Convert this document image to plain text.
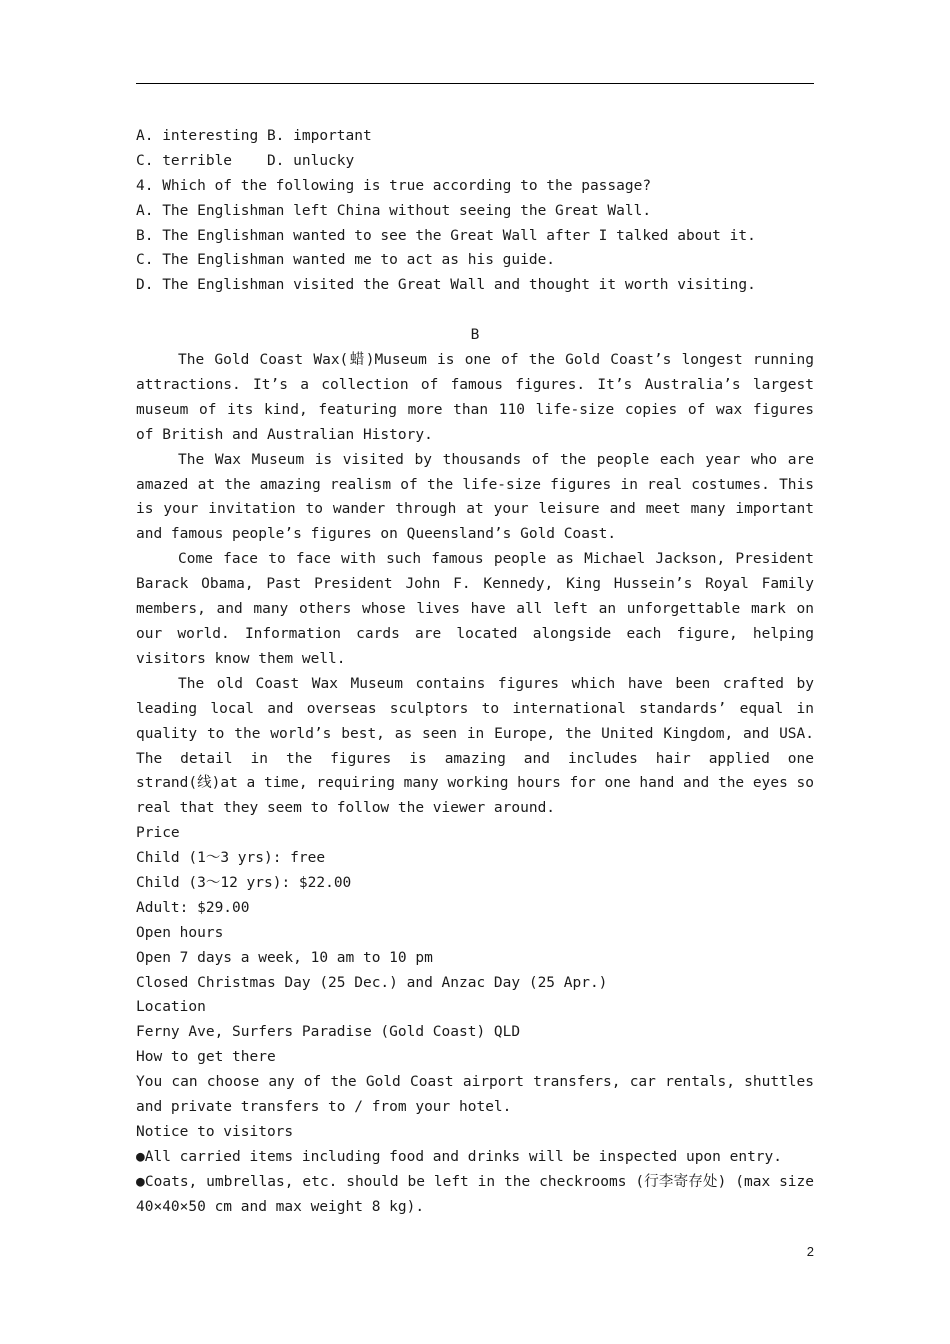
A. interesting B. important
C. terrible    D. unlucky
4. Which of the following is true according to the passage?
A. The Englishman left China without seeing the Great Wall.
B. The Englishman wanted to see the Great Wall after I talked about it.
C. The Englishman wanted me to act as his guide.
D. The Englishman visited the Great Wall and thought it worth visiting.
B

The Gold Coast Wax(蜡)Museum is one of the Gold Coast’s longest running attractions. It’s a collection of famous figures. It’s Australia’s largest museum of its kind, featuring more than 110 life-size copies of wax figures of British and Australian History.

The Wax Museum is visited by thousands of the people each year who are amazed at the amazing realism of the life-size figures in real costumes. This is your invitation to wander through at your leisure and meet many important and famous people’s figures on Queensland’s Gold Coast.

Come face to face with such famous people as Michael Jackson, President Barack Obama, Past President John F. Kennedy, King Hussein’s Royal Family members, and many others whose lives have all left an unforgettable mark on our world. Information cards are located alongside each figure, helping visitors know them well.

The old Coast Wax Museum contains figures which have been crafted by leading local and overseas sculptors to international standards’ equal in quality to the world’s best, as seen in Europe, the United Kingdom, and USA. The detail in the figures is amazing and includes hair applied one strand(线)at a time, requiring many working hours for one hand and the eyes so real that they seem to follow the viewer around.

Price
Child (1～3 yrs): free
Child (3～12 yrs): $22.00
Adult: $29.00
Open hours
Open 7 days a week, 10 am to 10 pm
Closed Christmas Day (25 Dec.) and Anzac Day (25 Apr.)
Location
Ferny Ave, Surfers Paradise (Gold Coast) QLD
How to get there

You can choose any of the Gold Coast airport transfers, car rentals, shuttles and private transfers to / from your hotel.

Notice to visitors
●All carried items including food and drinks will be inspected upon entry.

●Coats, umbrellas, etc. should be left in the checkrooms (行李寄存处) (max size 40×40×50 cm and max weight 8 kg).

2
